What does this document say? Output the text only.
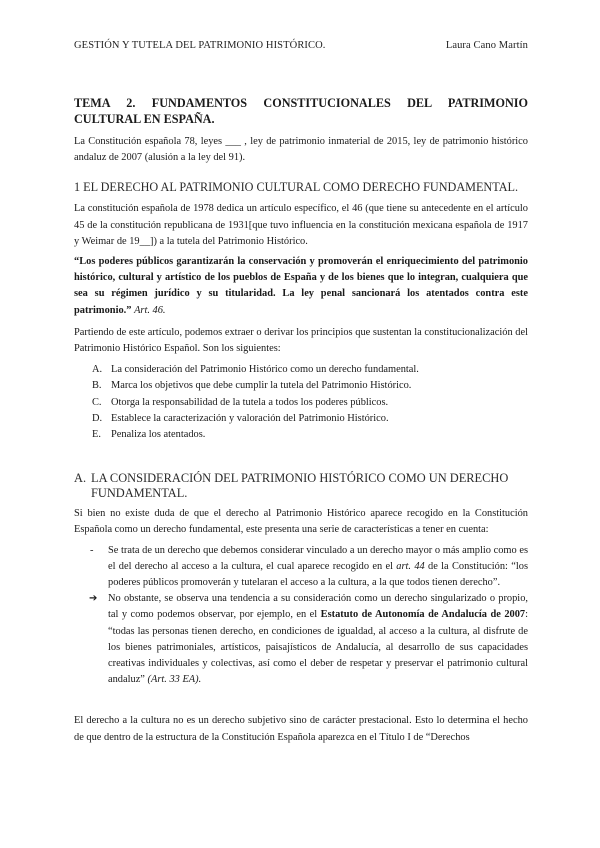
GESTIÓN Y TUTELA DEL PATRIMONIO HISTÓRICO.	Laura Cano Martín

TEMA 2. FUNDAMENTOS CONSTITUCIONALES DEL PATRIMONIO CULTURAL EN ESPAÑA.

La Constitución española 78, leyes ___ , ley de patrimonio inmaterial de 2015, ley de patrimonio histórico andaluz de 2007 (alusión a la ley del 91).

1 EL DERECHO AL PATRIMONIO CULTURAL COMO DERECHO FUNDAMENTAL.

La constitución española de 1978 dedica un artículo específico, el 46 (que tiene su antecedente en el artículo 45 de la constitución republicana de 1931[que tuvo influencia en la constitución mexicana española de 1917 y Weimar de 19__]) a la tutela del Patrimonio Histórico.

“Los poderes públicos garantizarán la conservación y promoverán el enriquecimiento del patrimonio histórico, cultural y artístico de los pueblos de España y de los bienes que lo integran, cualquiera que sea su régimen jurídico y su titularidad. La ley penal sancionará los atentados contra este patrimonio.” Art. 46.

Partiendo de este artículo, podemos extraer o derivar los principios que sustentan la constitucionalización del Patrimonio Histórico Español. Son los siguientes:

A. La consideración del Patrimonio Histórico como un derecho fundamental.
B. Marca los objetivos que debe cumplir la tutela del Patrimonio Histórico.
C. Otorga la responsabilidad de la tutela a todos los poderes públicos.
D. Establece la caracterización y valoración del Patrimonio Histórico.
E. Penaliza los atentados.

A. LA CONSIDERACIÓN DEL PATRIMONIO HISTÓRICO COMO UN DERECHO FUNDAMENTAL.

Si bien no existe duda de que el derecho al Patrimonio Histórico aparece recogido en la Constitución Española como un derecho fundamental, este presenta una serie de características a tener en cuenta:

- Se trata de un derecho que debemos considerar vinculado a un derecho mayor o más amplio como es el del derecho al acceso a la cultura, el cual aparece recogido en el art. 44 de la Constitución: “los poderes públicos promoverán y tutelaran el acceso a la cultura, a la que todos tienen derecho”.
➔ No obstante, se observa una tendencia a su consideración como un derecho singularizado o propio, tal y como podemos observar, por ejemplo, en el Estatuto de Autonomía de Andalucía de 2007: “todas las personas tienen derecho, en condiciones de igualdad, al acceso a la cultura, al disfrute de los bienes patrimoniales, artísticos, paisajísticos de Andalucía, al desarrollo de sus capacidades creativas individuales y colectivas, así como el deber de respetar y preservar el patrimonio cultural andaluz” (Art. 33 EA).

El derecho a la cultura no es un derecho subjetivo sino de carácter prestacional. Esto lo determina el hecho de que dentro de la estructura de la Constitución Española aparezca en el Título I de “Derechos
